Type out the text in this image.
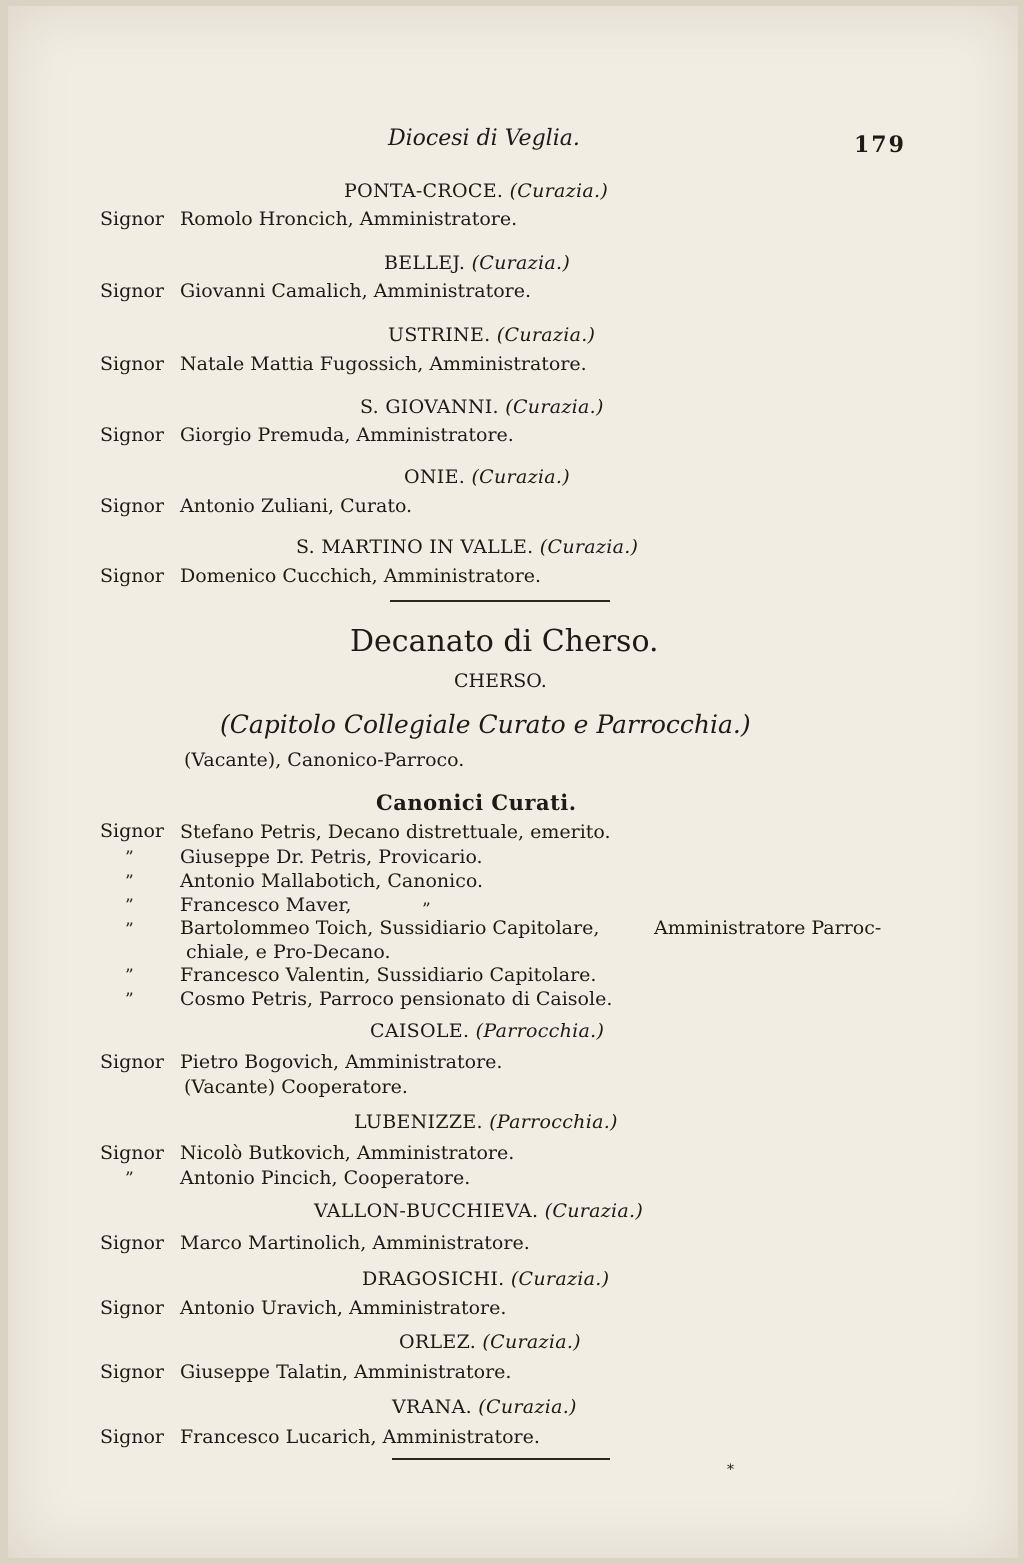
Diocesi di Veglia.	179
PONTA-CROCE. (Curazia.)
Signor Romolo Hroncich, Amministratore.
BELLEJ. (Curazia.)
Signor Giovanni Camalich, Amministratore.
USTRINE. (Curazia.)
Signor Natale Mattia Fugossich, Amministratore.
S. GIOVANNI. (Curazia.)
Signor Giorgio Premuda, Amministratore.
ONIE. (Curazia.)
Signor Antonio Zuliani, Curato.
S. MARTINO IN VALLE. (Curazia.)
Signor Domenico Cucchich, Amministratore.
Decanato di Cherso.
CHERSO.
(Capitolo Collegiale Curato e Parrocchia.)
(Vacante), Canonico-Parroco.
Canonici Curati.
Signor Stefano Petris, Decano distrettuale, emerito.
” Giuseppe Dr. Petris, Provicario.
” Antonio Mallabotich, Canonico.
” Francesco Maver,	”
” Bartolommeo Toich, Sussidiario Capitolare,	Amministratore Parroc-
chiale, e Pro-Decano.
” Francesco Valentin, Sussidiario Capitolare.
” Cosmo Petris, Parroco pensionato di Caisole.
CAISOLE. (Parrocchia.)
Signor Pietro Bogovich, Amministratore.
(Vacante) Cooperatore.
LUBENIZZE. (Parrocchia.)
Signor Nicolò Butkovich, Amministratore.
” Antonio Pincich, Cooperatore.
VALLON-BUCCHIEVA. (Curazia.)
Signor Marco Martinolich, Amministratore.
DRAGOSICHI. (Curazia.)
Signor Antonio Uravich, Amministratore.
ORLEZ. (Curazia.)
Signor Giuseppe Talatin, Amministratore.
VRANA. (Curazia.)
Signor Francesco Lucarich, Amministratore.
*
